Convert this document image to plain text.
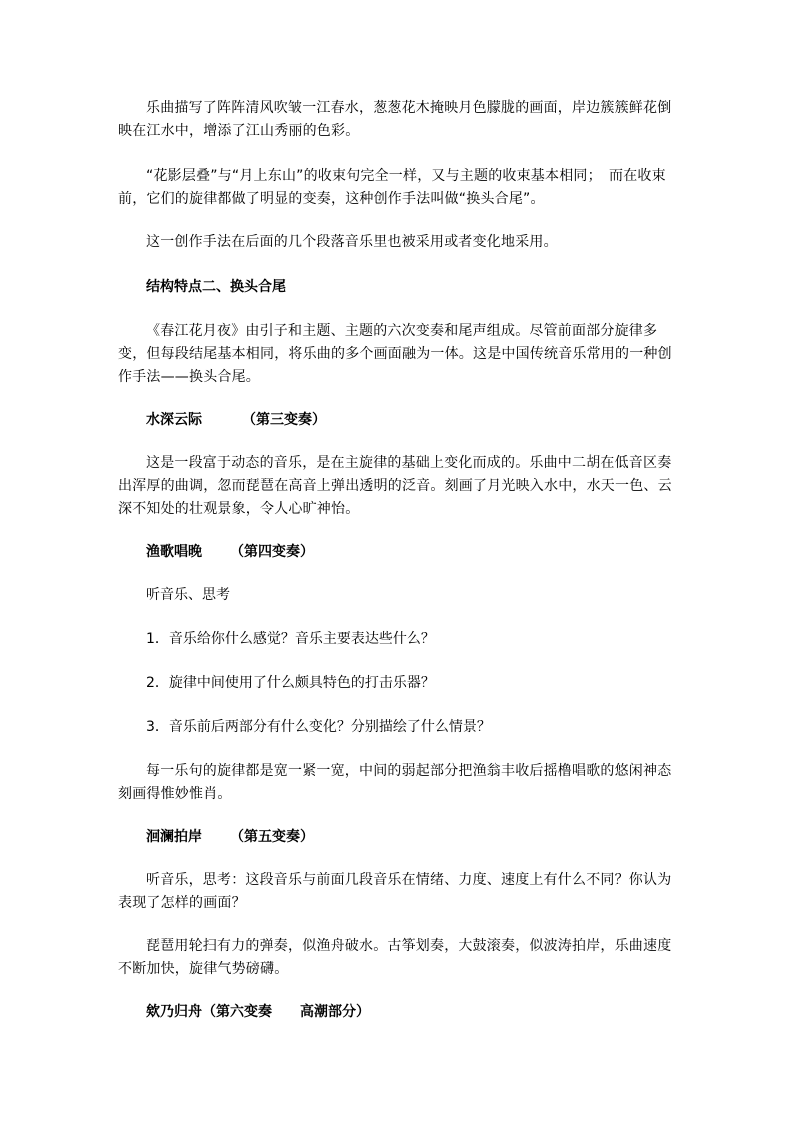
乐曲描写了阵阵清风吹皱一江春水，葱葱花木掩映月色朦胧的画面，岸边簇簇鲜花倒映在江水中，增添了江山秀丽的色彩。

“花影层叠”与“月上东山”的收束句完全一样，又与主题的收束基本相同；　而在收束前，它们的旋律都做了明显的变奏，这种创作手法叫做“换头合尾”。

这一创作手法在后面的几个段落音乐里也被采用或者变化地采用。

结构特点二、换头合尾

《春江花月夜》由引子和主题、主题的六次变奏和尾声组成。尽管前面部分旋律多变，但每段结尾基本相同，将乐曲的多个画面融为一体。这是中国传统音乐常用的一种创作手法——换头合尾。

水深云际	（第三变奏）

这是一段富于动态的音乐，是在主旋律的基础上变化而成的。乐曲中二胡在低音区奏出浑厚的曲调，忽而琵琶在高音上弹出透明的泛音。刻画了月光映入水中，水天一色、云深不知处的壮观景象，令人心旷神怡。

渔歌唱晚 （第四变奏）

听音乐、思考

1．音乐给你什么感觉？音乐主要表达些什么？

2．旋律中间使用了什么颇具特色的打击乐器？

3．音乐前后两部分有什么变化？分别描绘了什么情景？

每一乐句的旋律都是宽一紧一宽，中间的弱起部分把渔翁丰收后摇橹唱歌的悠闲神态刻画得惟妙惟肖。

洄澜拍岸 （第五变奏）

听音乐，思考：这段音乐与前面几段音乐在情绪、力度、速度上有什么不同？你认为表现了怎样的画面？

琵琶用轮扫有力的弹奏，似渔舟破水。古筝划奏，大鼓滚奏，似波涛拍岸，乐曲速度不断加快，旋律气势磅礴。

欸乃归舟（第六变奏 高潮部分）
